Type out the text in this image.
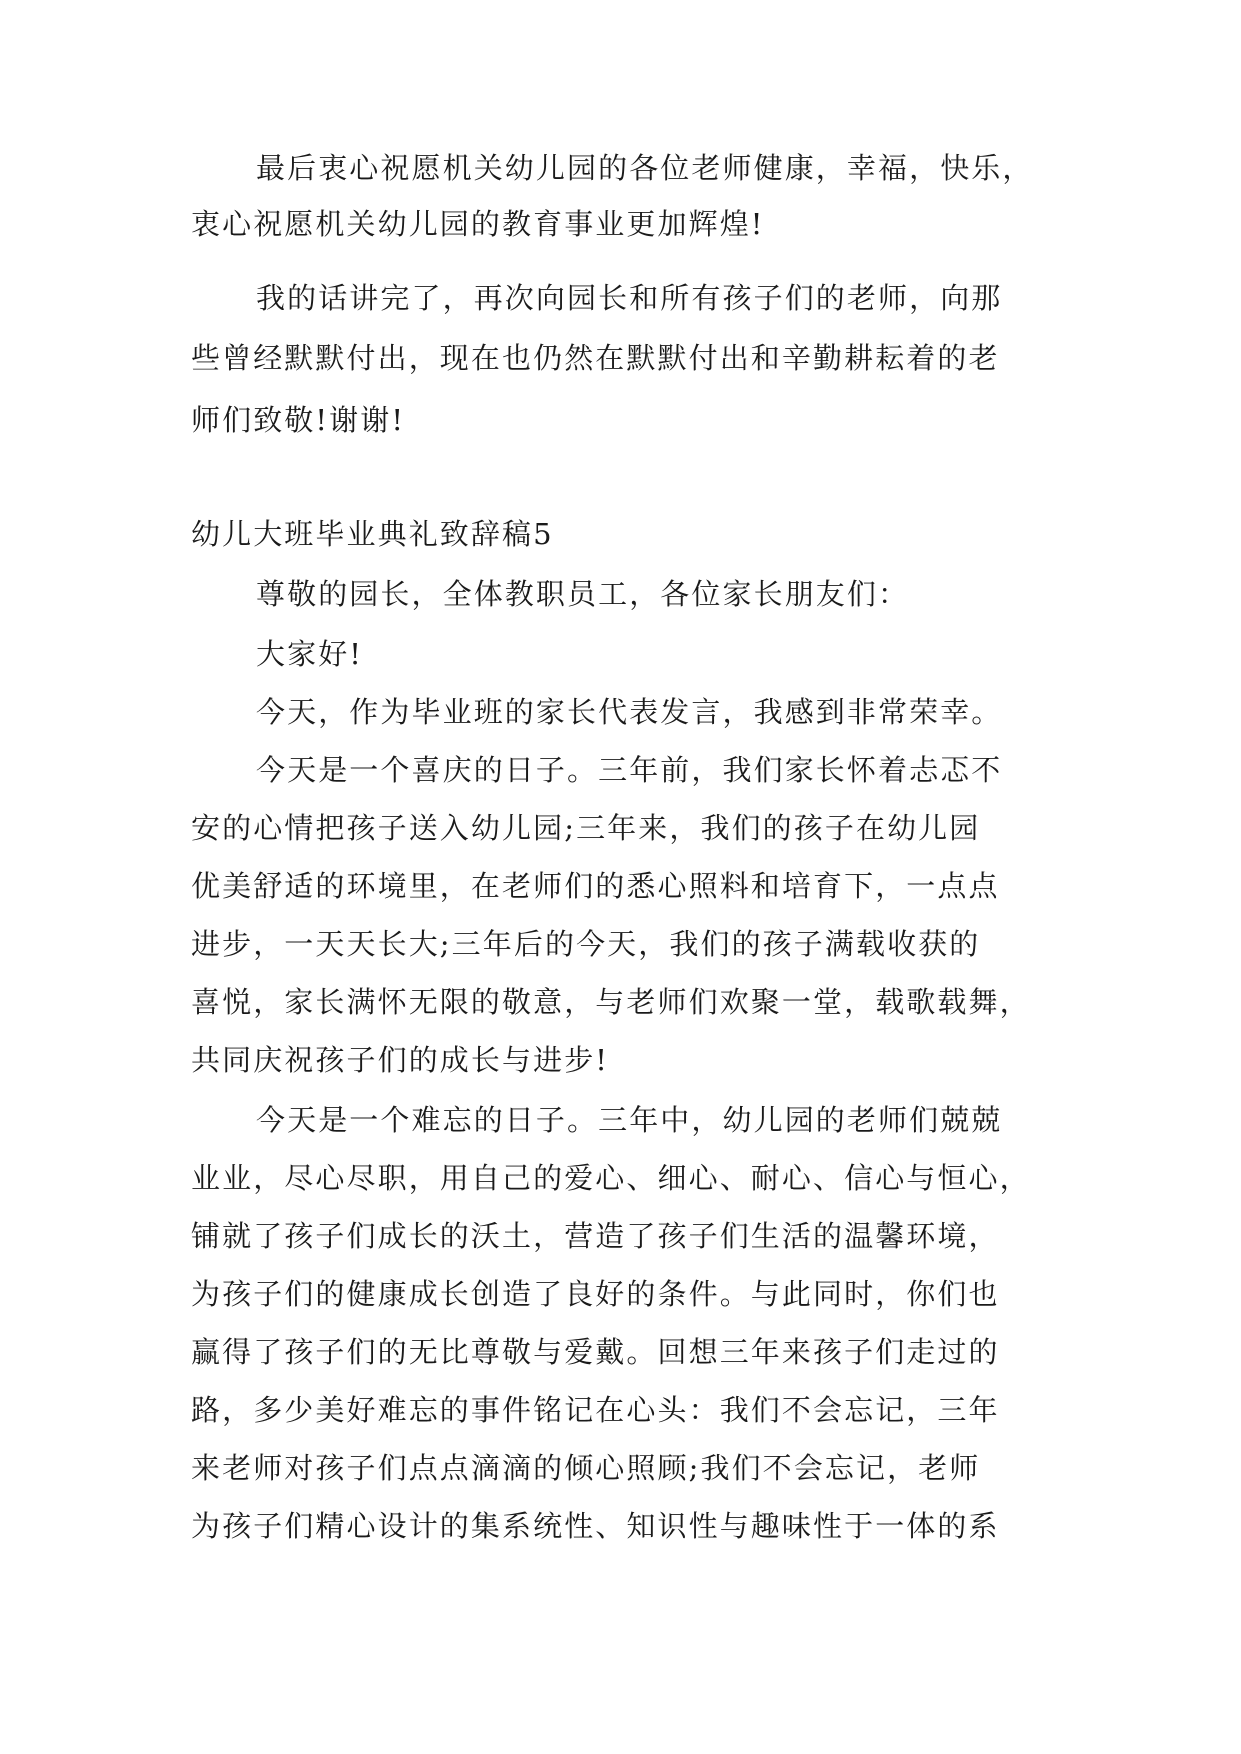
最后衷心祝愿机关幼儿园的各位老师健康，幸福，快乐，
衷心祝愿机关幼儿园的教育事业更加辉煌!
我的话讲完了，再次向园长和所有孩子们的老师，向那
些曾经默默付出，现在也仍然在默默付出和辛勤耕耘着的老
师们致敬!谢谢!
幼儿大班毕业典礼致辞稿5
尊敬的园长，全体教职员工，各位家长朋友们：
大家好!
今天，作为毕业班的家长代表发言，我感到非常荣幸。
今天是一个喜庆的日子。三年前，我们家长怀着忐忑不
安的心情把孩子送入幼儿园;三年来，我们的孩子在幼儿园
优美舒适的环境里，在老师们的悉心照料和培育下，一点点
进步，一天天长大;三年后的今天，我们的孩子满载收获的
喜悦，家长满怀无限的敬意，与老师们欢聚一堂，载歌载舞，
共同庆祝孩子们的成长与进步!
今天是一个难忘的日子。三年中，幼儿园的老师们兢兢
业业，尽心尽职，用自己的爱心、细心、耐心、信心与恒心，
铺就了孩子们成长的沃土，营造了孩子们生活的温馨环境，
为孩子们的健康成长创造了良好的条件。与此同时，你们也
赢得了孩子们的无比尊敬与爱戴。回想三年来孩子们走过的
路，多少美好难忘的事件铭记在心头：我们不会忘记，三年
来老师对孩子们点点滴滴的倾心照顾;我们不会忘记，老师
为孩子们精心设计的集系统性、知识性与趣味性于一体的系
